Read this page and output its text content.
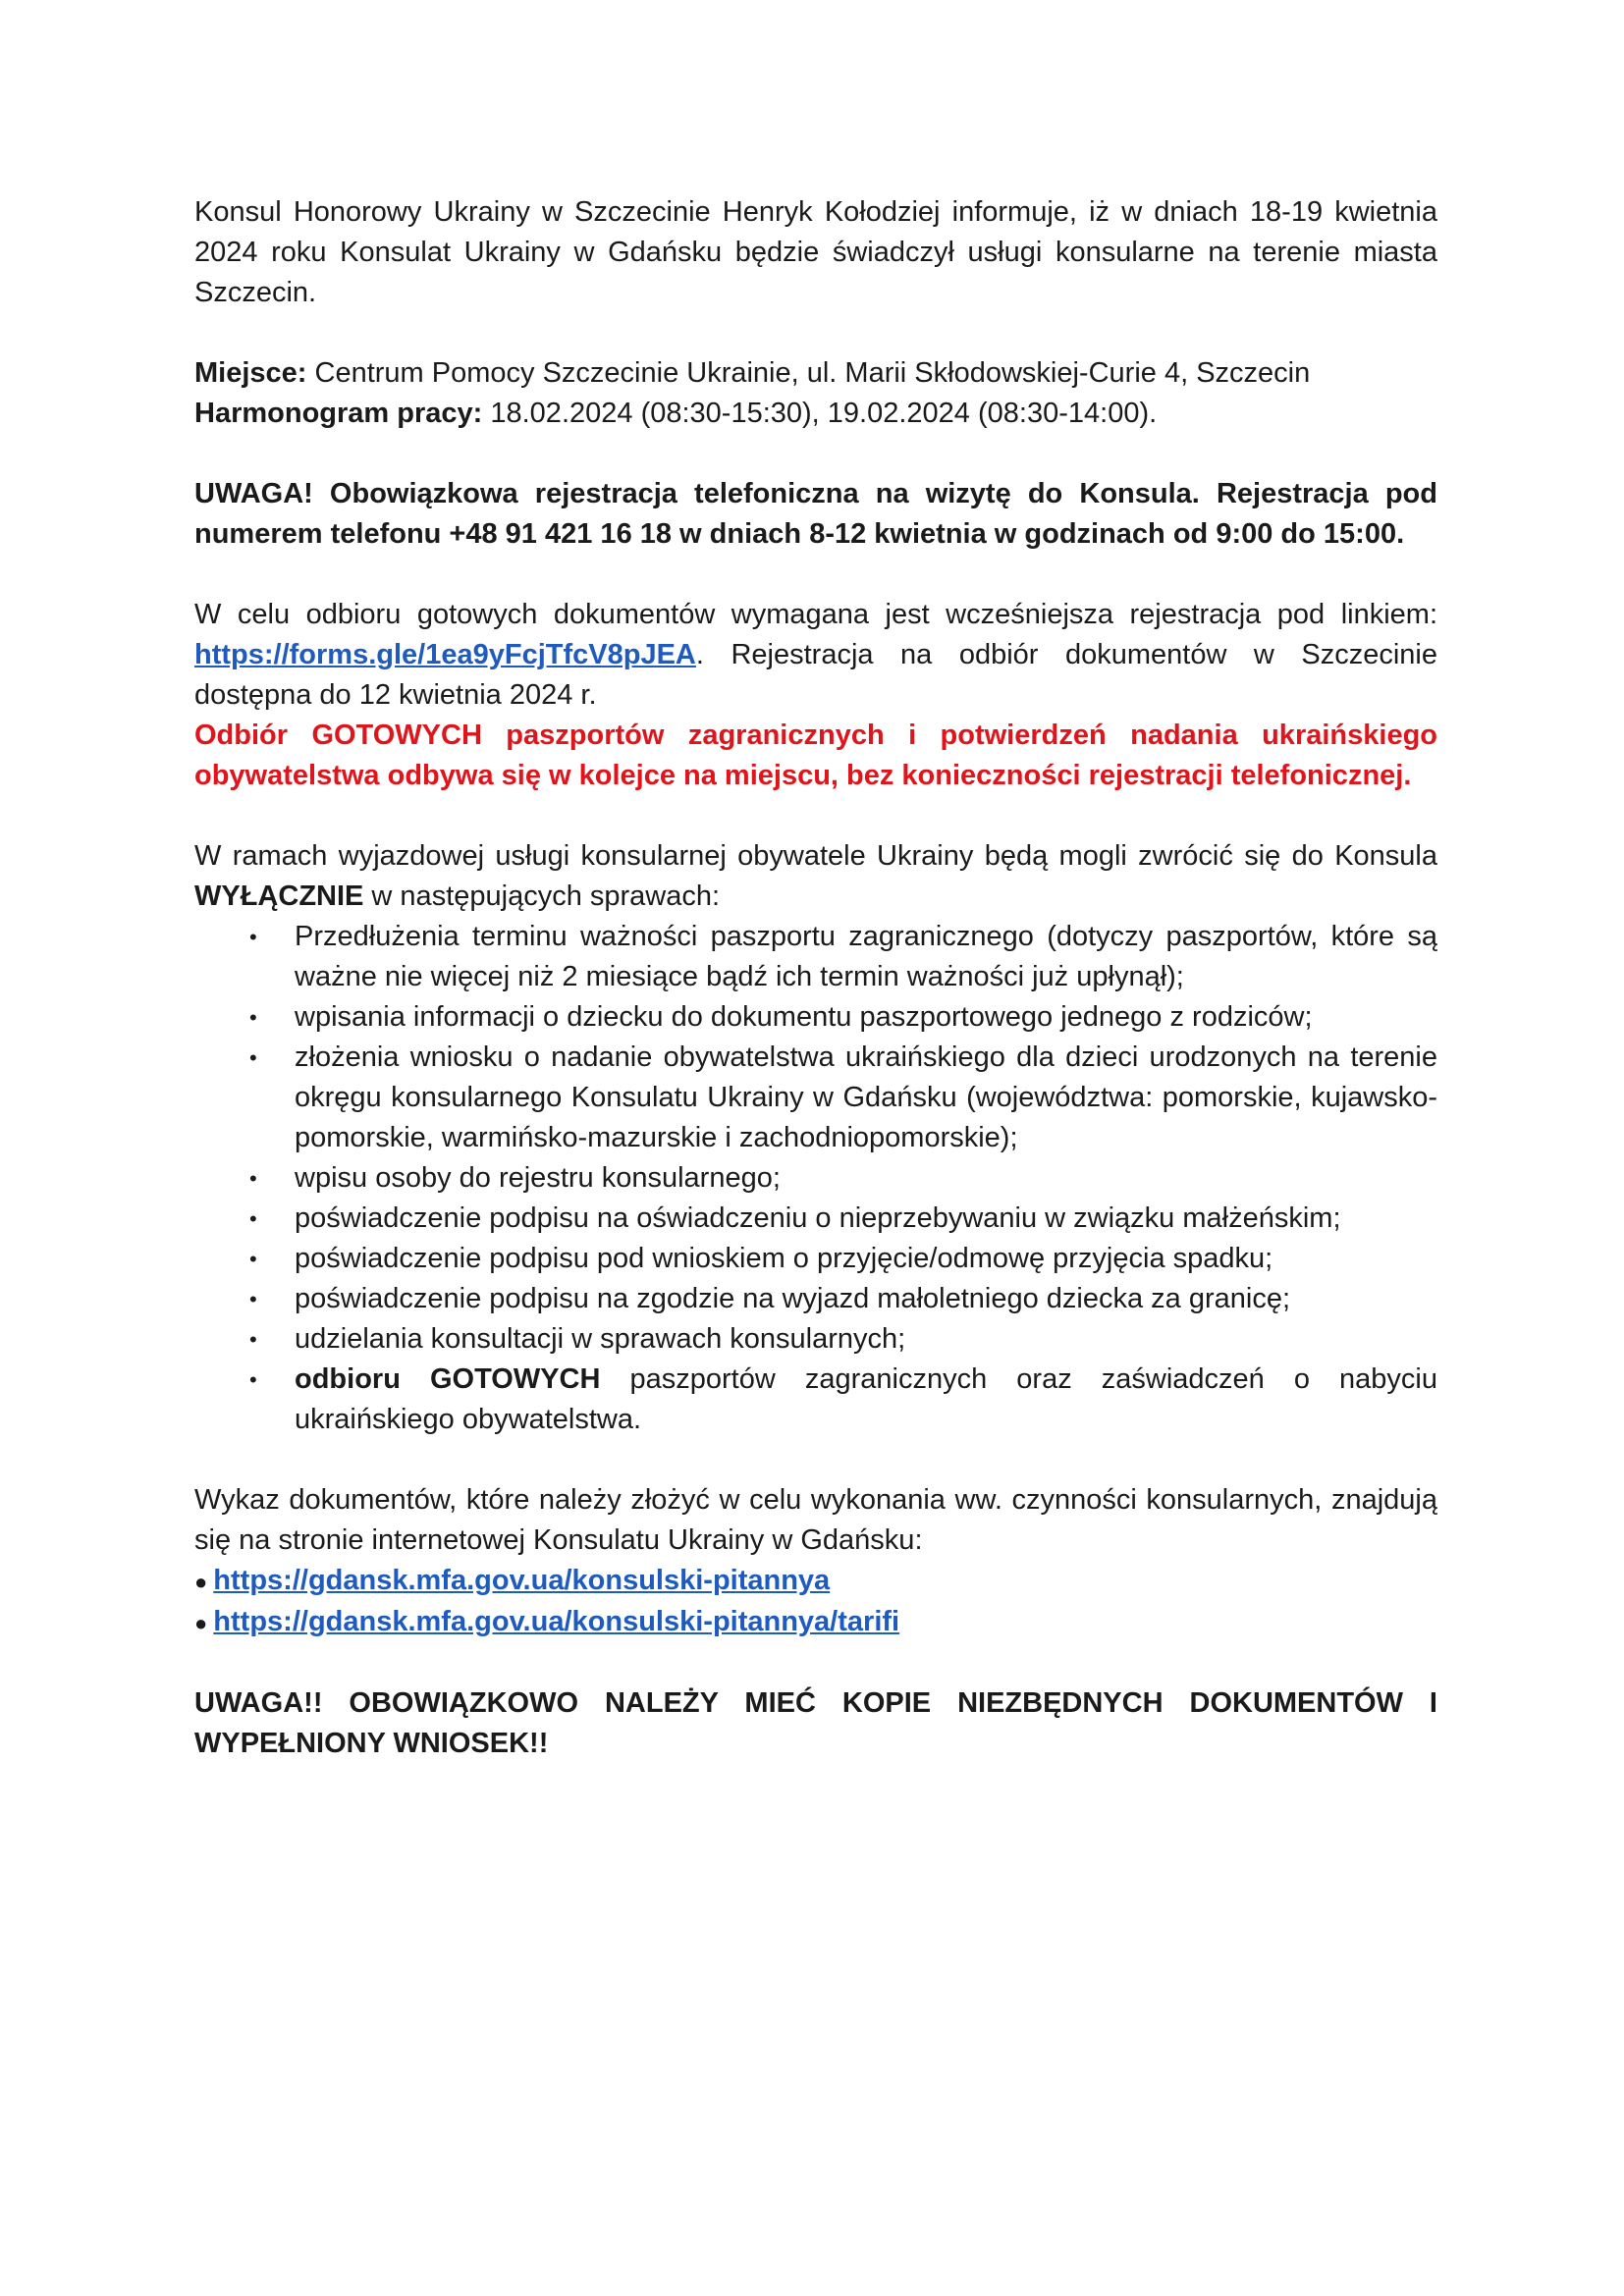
Konsul Honorowy Ukrainy w Szczecinie Henryk Kołodziej informuje, iż w dniach 18-19 kwietnia 2024 roku Konsulat Ukrainy w Gdańsku będzie świadczył usługi konsularne na terenie miasta Szczecin.

Miejsce: Centrum Pomocy Szczecinie Ukrainie, ul. Marii Skłodowskiej-Curie 4, Szczecin

Harmonogram pracy: 18.02.2024 (08:30-15:30), 19.02.2024 (08:30-14:00).

UWAGA! Obowiązkowa rejestracja telefoniczna na wizytę do Konsula. Rejestracja pod numerem telefonu +48 91 421 16 18 w dniach 8-12 kwietnia w godzinach od 9:00 do 15:00.

W celu odbioru gotowych dokumentów wymagana jest wcześniejsza rejestracja pod linkiem: https://forms.gle/1ea9yFcjTfcV8pJEA. Rejestracja na odbiór dokumentów w Szczecinie dostępna do 12 kwietnia 2024 r.

Odbiór GOTOWYCH paszportów zagranicznych i potwierdzeń nadania ukraińskiego obywatelstwa odbywa się w kolejce na miejscu, bez konieczności rejestracji telefonicznej.

W ramach wyjazdowej usługi konsularnej obywatele Ukrainy będą mogli zwrócić się do Konsula WYŁĄCZNIE w następujących sprawach:

• Przedłużenia terminu ważności paszportu zagranicznego (dotyczy paszportów, które są ważne nie więcej niż 2 miesiące bądź ich termin ważności już upłynął);
• wpisania informacji o dziecku do dokumentu paszportowego jednego z rodziców;
• złożenia wniosku o nadanie obywatelstwa ukraińskiego dla dzieci urodzonych na terenie okręgu konsularnego Konsulatu Ukrainy w Gdańsku (województwa: pomorskie, kujawsko-pomorskie, warmińsko-mazurskie i zachodniopomorskie);
• wpisu osoby do rejestru konsularnego;
• poświadczenie podpisu na oświadczeniu o nieprzebywaniu w związku małżeńskim;
• poświadczenie podpisu pod wnioskiem o przyjęcie/odmowę przyjęcia spadku;
• poświadczenie podpisu na zgodzie na wyjazd małoletniego dziecka za granicę;
• udzielania konsultacji w sprawach konsularnych;
• odbioru GOTOWYCH paszportów zagranicznych oraz zaświadczeń o nabyciu ukraińskiego obywatelstwa.

Wykaz dokumentów, które należy złożyć w celu wykonania ww. czynności konsularnych, znajdują się na stronie internetowej Konsulatu Ukrainy w Gdańsku:

● https://gdansk.mfa.gov.ua/konsulski-pitannya

● https://gdansk.mfa.gov.ua/konsulski-pitannya/tarifi

UWAGA!! OBOWIĄZKOWO NALEŻY MIEĆ KOPIE NIEZBĘDNYCH DOKUMENTÓW I WYPEŁNIONY WNIOSEK!!
